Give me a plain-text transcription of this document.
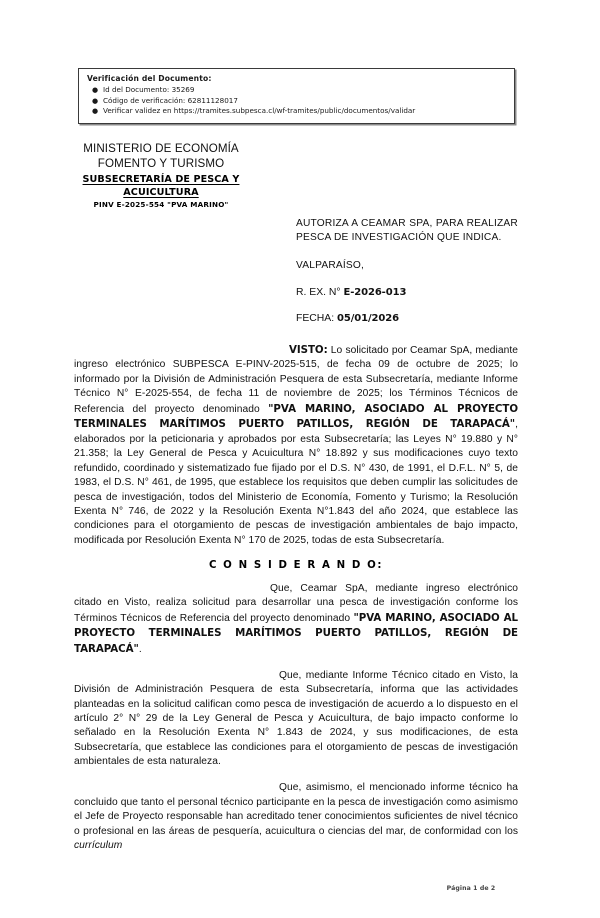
Verificación del Documento:
● Id del Documento: 35269
● Código de verificación: 62811128017
● Verificar validez en https://tramites.subpesca.cl/wf-tramites/public/documentos/validar
MINISTERIO DE ECONOMÍA
FOMENTO Y TURISMO
SUBSECRETARÍA DE PESCA Y
ACUICULTURA
PINV E-2025-554 "PVA MARINO"
AUTORIZA A CEAMAR SPA, PARA REALIZAR PESCA DE INVESTIGACIÓN QUE INDICA.
VALPARAÍSO,
R. EX. N° E-2026-013
FECHA: 05/01/2026

VISTO: Lo solicitado por Ceamar SpA, mediante ingreso electrónico SUBPESCA E-PINV-2025-515, de fecha 09 de octubre de 2025; lo informado por la División de Administración Pesquera de esta Subsecretaría, mediante Informe Técnico N° E-2025-554, de fecha 11 de noviembre de 2025; los Términos Técnicos de Referencia del proyecto denominado "PVA MARINO, ASOCIADO AL PROYECTO TERMINALES MARÍTIMOS PUERTO PATILLOS, REGIÓN DE TARAPACÁ", elaborados por la peticionaria y aprobados por esta Subsecretaría; las Leyes N° 19.880 y N° 21.358; la Ley General de Pesca y Acuicultura N° 18.892 y sus modificaciones cuyo texto refundido, coordinado y sistematizado fue fijado por el D.S. N° 430, de 1991, el D.F.L. N° 5, de 1983, el D.S. N° 461, de 1995, que establece los requisitos que deben cumplir las solicitudes de pesca de investigación, todos del Ministerio de Economía, Fomento y Turismo; la Resolución Exenta N° 746, de 2022 y la Resolución Exenta N°1.843 del año 2024, que establece las condiciones para el otorgamiento de pescas de investigación ambientales de bajo impacto, modificada por Resolución Exenta N° 170 de 2025, todas de esta Subsecretaría.

C O N S I D E R A N D O:

Que, Ceamar SpA, mediante ingreso electrónico citado en Visto, realiza solicitud para desarrollar una pesca de investigación conforme los Términos Técnicos de Referencia del proyecto denominado "PVA MARINO, ASOCIADO AL PROYECTO TERMINALES MARÍTIMOS PUERTO PATILLOS, REGIÓN DE TARAPACÁ".

Que, mediante Informe Técnico citado en Visto, la División de Administración Pesquera de esta Subsecretaría, informa que las actividades planteadas en la solicitud califican como pesca de investigación de acuerdo a lo dispuesto en el artículo 2° N° 29 de la Ley General de Pesca y Acuicultura, de bajo impacto conforme lo señalado en la Resolución Exenta N° 1.843 de 2024, y sus modificaciones, de esta Subsecretaría, que establece las condiciones para el otorgamiento de pescas de investigación ambientales de esta naturaleza.

Que, asimismo, el mencionado informe técnico ha concluido que tanto el personal técnico participante en la pesca de investigación como asimismo el Jefe de Proyecto responsable han acreditado tener conocimientos suficientes de nivel técnico o profesional en las áreas de pesquería, acuicultura o ciencias del mar, de conformidad con los currículum

Página 1 de 2
